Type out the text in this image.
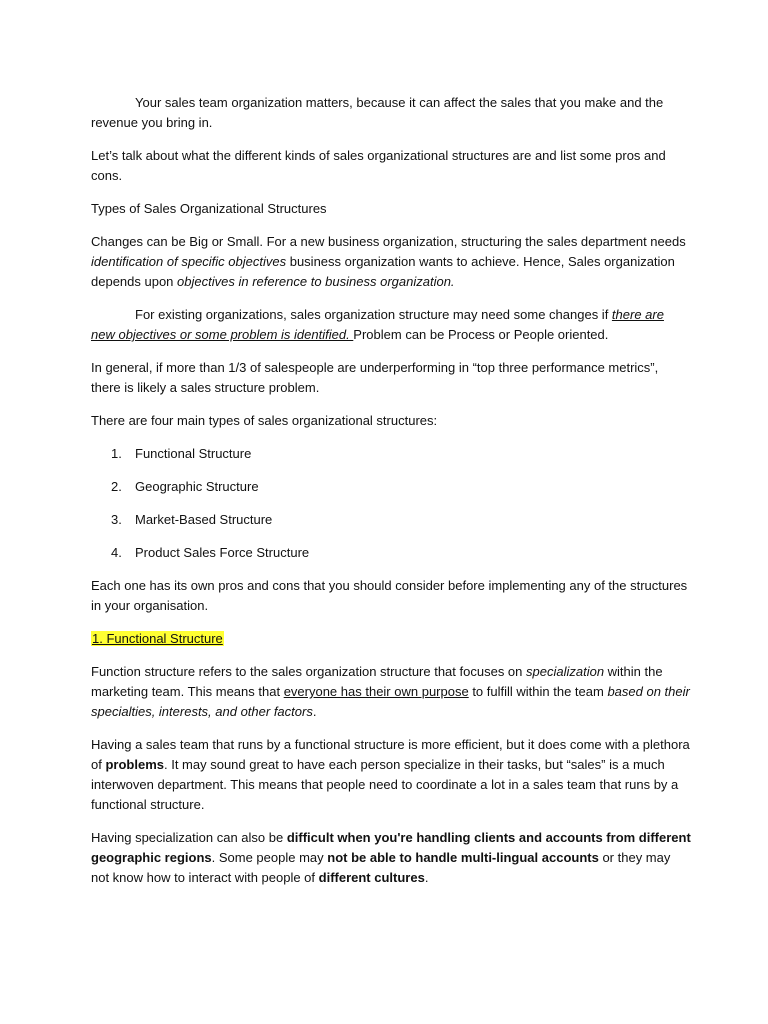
Your sales team organization matters, because it can affect the sales that you make and the revenue you bring in.

Let’s talk about what the different kinds of sales organizational structures are and list some pros and cons.

Types of Sales Organizational Structures

Changes can be Big or Small. For a new business organization, structuring the sales department needs identification of specific objectives business organization wants to achieve. Hence, Sales organization depends upon objectives in reference to business organization.

For existing organizations, sales organization structure may need some changes if there are new objectives or some problem is identified. Problem can be Process or People oriented.

In general, if more than 1/3 of salespeople are underperforming in “top three performance metrics”, there is likely a sales structure problem.

There are four main types of sales organizational structures:

1. Functional Structure
2. Geographic Structure
3. Market-Based Structure
4. Product Sales Force Structure

Each one has its own pros and cons that you should consider before implementing any of the structures in your organisation.

1. Functional Structure

Function structure refers to the sales organization structure that focuses on specialization within the marketing team. This means that everyone has their own purpose to fulfill within the team based on their specialties, interests, and other factors.

Having a sales team that runs by a functional structure is more efficient, but it does come with a plethora of problems. It may sound great to have each person specialize in their tasks, but “sales” is a much interwoven department. This means that people need to coordinate a lot in a sales team that runs by a functional structure.

Having specialization can also be difficult when you're handling clients and accounts from different geographic regions. Some people may not be able to handle multi-lingual accounts or they may not know how to interact with people of different cultures.
